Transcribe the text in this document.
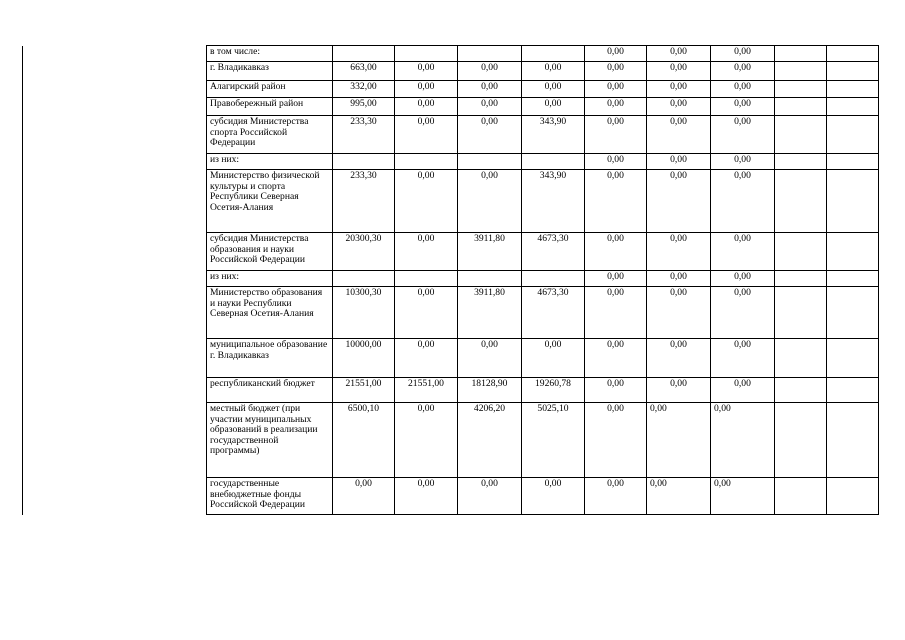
	в том числе:					0,00	0,00	0,00		
	г. Владикавказ	663,00	0,00	0,00	0,00	0,00	0,00	0,00		
	Алагирский район	332,00	0,00	0,00	0,00	0,00	0,00	0,00		
	Правобережный район	995,00	0,00	0,00	0,00	0,00	0,00	0,00		
	субсидия Министерства спорта Российской Федерации	233,30	0,00	0,00	343,90	0,00	0,00	0,00		
	из них:					0,00	0,00	0,00		
	Министерство физической культуры и спорта Республики Северная Осетия-Алания	233,30	0,00	0,00	343,90	0,00	0,00	0,00		
	субсидия Министерства образования и науки Российской Федерации	20300,30	0,00	3911,80	4673,30	0,00	0,00	0,00		
	из них:					0,00	0,00	0,00		
	Министерство образования и науки Республики Северная Осетия-Алания	10300,30	0,00	3911,80	4673,30	0,00	0,00	0,00		
	муниципальное образование г. Владикавказ	10000,00	0,00	0,00	0,00	0,00	0,00	0,00		
	республиканский бюджет	21551,00	21551,00	18128,90	19260,78	0,00	0,00	0,00		
	местный бюджет (при участии муниципальных образований в реализации государственной программы)	6500,10	0,00	4206,20	5025,10	0,00	0,00	0,00		
	государственные внебюджетные фонды Российской Федерации	0,00	0,00	0,00	0,00	0,00	0,00	0,00		
